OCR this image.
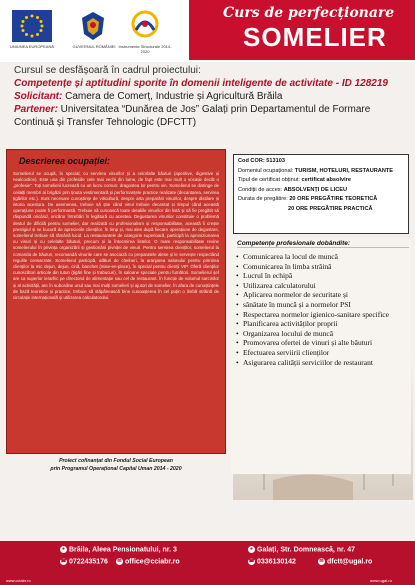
UNIUNEA EUROPEANĂ	GUVERNUL ROMÂNIEI Instrumente Structurale 2014-2020
Curs de perfecționare
SOMELIER
Cursul se desfășoară în cadrul proiectului:
Competențe și aptitudini sporite în domenii inteligente de activitate - ID 128219
Solicitant: Camera de Comerț, Industrie și Agricultură Brăila
Partener: Universitatea “Dunărea de Jos” Galați prin Departamentul de Formare Continuă și Transfer Tehnologic (DFCTT)
Descrierea ocupației:
Somelierul se ocupă, în special, cu servirea vinurilor și a celorlalte băuturi (aperitive, digestive și nealcoolice). Este una din profesiile cele mai vechi din lume, de fapt este mai mult o vocație decât o „profesie”. Toți somelierii lucrează cu un lucru comun: dragostea lor pentru vin. Somelierul se distinge de ceilalți membri ai brigăzii prin ținuta vestimentară și performanțele practice realizate (decantarea, servirea țigărilor etc.). Sunt necesare cunoștințe de viticultură, despre arta preparării vinurilor, despre distilare și istoria acestora. De asemenea, trebuie să știe când vinul trebuie decantat și timpul când această operațiune poate fi performantă. Trebuie să cunoască toate detaliile vinurilor din listă și să fie pregătit să răspundă oricând, oricăror întrebări în legătură cu acestea. Degustarea vinurilor constituie o problemă destul de dificilă pentru somelier, dar realizată cu profesionalism și responsabilitate, această îi crește prestigiul și se bucură de aprecierile clienților. În timp și, mai ales după fiecare operațiune de degustare, somelierul trebuie să rămână lucid. La restaurantele de categorie superioară, participă la aprovizionarea cu vinuri și cu celelalte băuturi, precum și la întocmirea listelor. O mare responsabilitate revine somelierului în privința organizării și gestionării pivniței de vinuri. Pentru servirea clienților, somelierul la comanda de băuturi, recomandă vinurile care se asociază cu preparatele alese și le servește respectând regulile consacrate. Somelierul participă, alături de chelneri, la aranjarea salonului pentru primirea clienților la mic dejun, dejun, cină, banchet (mise-en-place), în special pentru clienții VIP. Oferă clienților cunoscători articole din tutun (țigări fine și trabucuri), în saloane speciale pentru fumători. Somelierul șef are ca superior ierarhic pe directorul de alimentație sau cel de restaurant. În funcție de volumul sarcinilor și al activității, are în subordine unul sau mai mulți somelieri și ajutori de somelier. În afara de cunoștințele de bază teoretice și practice, trebuie să stăpânească bine cunoașterea în cel puțin o limbă străină de circulație internațională și utilizarea calculatorului.
Proiect cofinanțat din Fondul Social European
prin Programul Operațional Capital Uman 2014 - 2020
Cod COR: 513103
Domeniul ocupațional: TURISM, HOTELURI, RESTAURANTE
Tipul de certificat obținut: certificat absolvire
Condiții de acces: ABSOLVENȚI DE LICEU
Durata de pregătire: 20 ORE PREGĂTIRE TEORETICĂ
20 ORE PREGĂTIRE PRACTICĂ
Competențe profesionale dobândite:
• Comunicarea la locul de muncă
• Comunicarea în limba străină
• Lucrul în echipă
• Utilizarea calculatorului
• Aplicarea normelor de securitate și
• sănătate în muncă și a normelor PSI
• Respectarea normelor igienico-sanitare specifice
• Planificarea activităților proprii
• Organizarea locului de muncă
• Promovarea ofertei de vinuri și alte băuturi
• Efectuarea serviirii clienților
• Asigurarea calității serviciilor de restaurant
● Brăila, Aleea Pensionatului, nr. 3
☎ 0722435176 ✉ office@cciabr.ro
www.cciabr.ro
● Galați, Str. Domnească, nr. 47
☎ 0336130142	✉ dfctt@ugal.ro
www.ugal.ro
